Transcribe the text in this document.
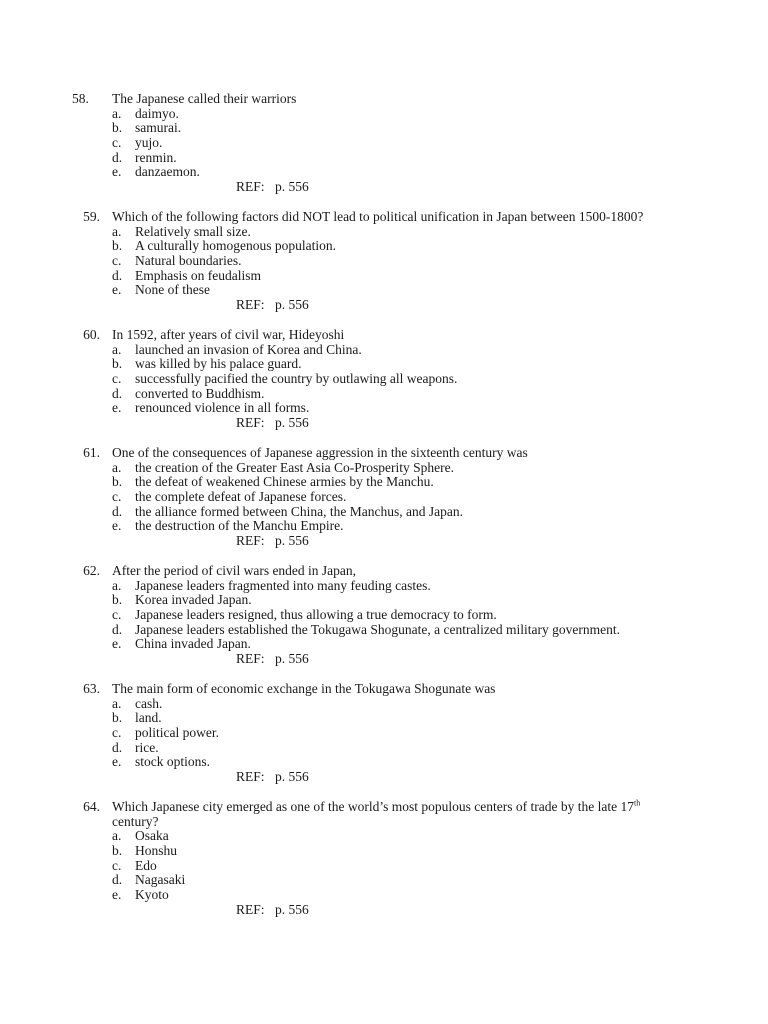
58. The Japanese called their warriors
a. daimyo.
b. samurai.
c. yujo.
d. renmin.
e. danzaemon.
REF: p. 556
59. Which of the following factors did NOT lead to political unification in Japan between 1500-1800?
a. Relatively small size.
b. A culturally homogenous population.
c. Natural boundaries.
d. Emphasis on feudalism
e. None of these
REF: p. 556
60. In 1592, after years of civil war, Hideyoshi
a. launched an invasion of Korea and China.
b. was killed by his palace guard.
c. successfully pacified the country by outlawing all weapons.
d. converted to Buddhism.
e. renounced violence in all forms.
REF: p. 556
61. One of the consequences of Japanese aggression in the sixteenth century was
a. the creation of the Greater East Asia Co-Prosperity Sphere.
b. the defeat of weakened Chinese armies by the Manchu.
c. the complete defeat of Japanese forces.
d. the alliance formed between China, the Manchus, and Japan.
e. the destruction of the Manchu Empire.
REF: p. 556
62. After the period of civil wars ended in Japan,
a. Japanese leaders fragmented into many feuding castes.
b. Korea invaded Japan.
c. Japanese leaders resigned, thus allowing a true democracy to form.
d. Japanese leaders established the Tokugawa Shogunate, a centralized military government.
e. China invaded Japan.
REF: p. 556
63. The main form of economic exchange in the Tokugawa Shogunate was
a. cash.
b. land.
c. political power.
d. rice.
e. stock options.
REF: p. 556
64. Which Japanese city emerged as one of the world’s most populous centers of trade by the late 17th
century?
a. Osaka
b. Honshu
c. Edo
d. Nagasaki
e. Kyoto
REF: p. 556
